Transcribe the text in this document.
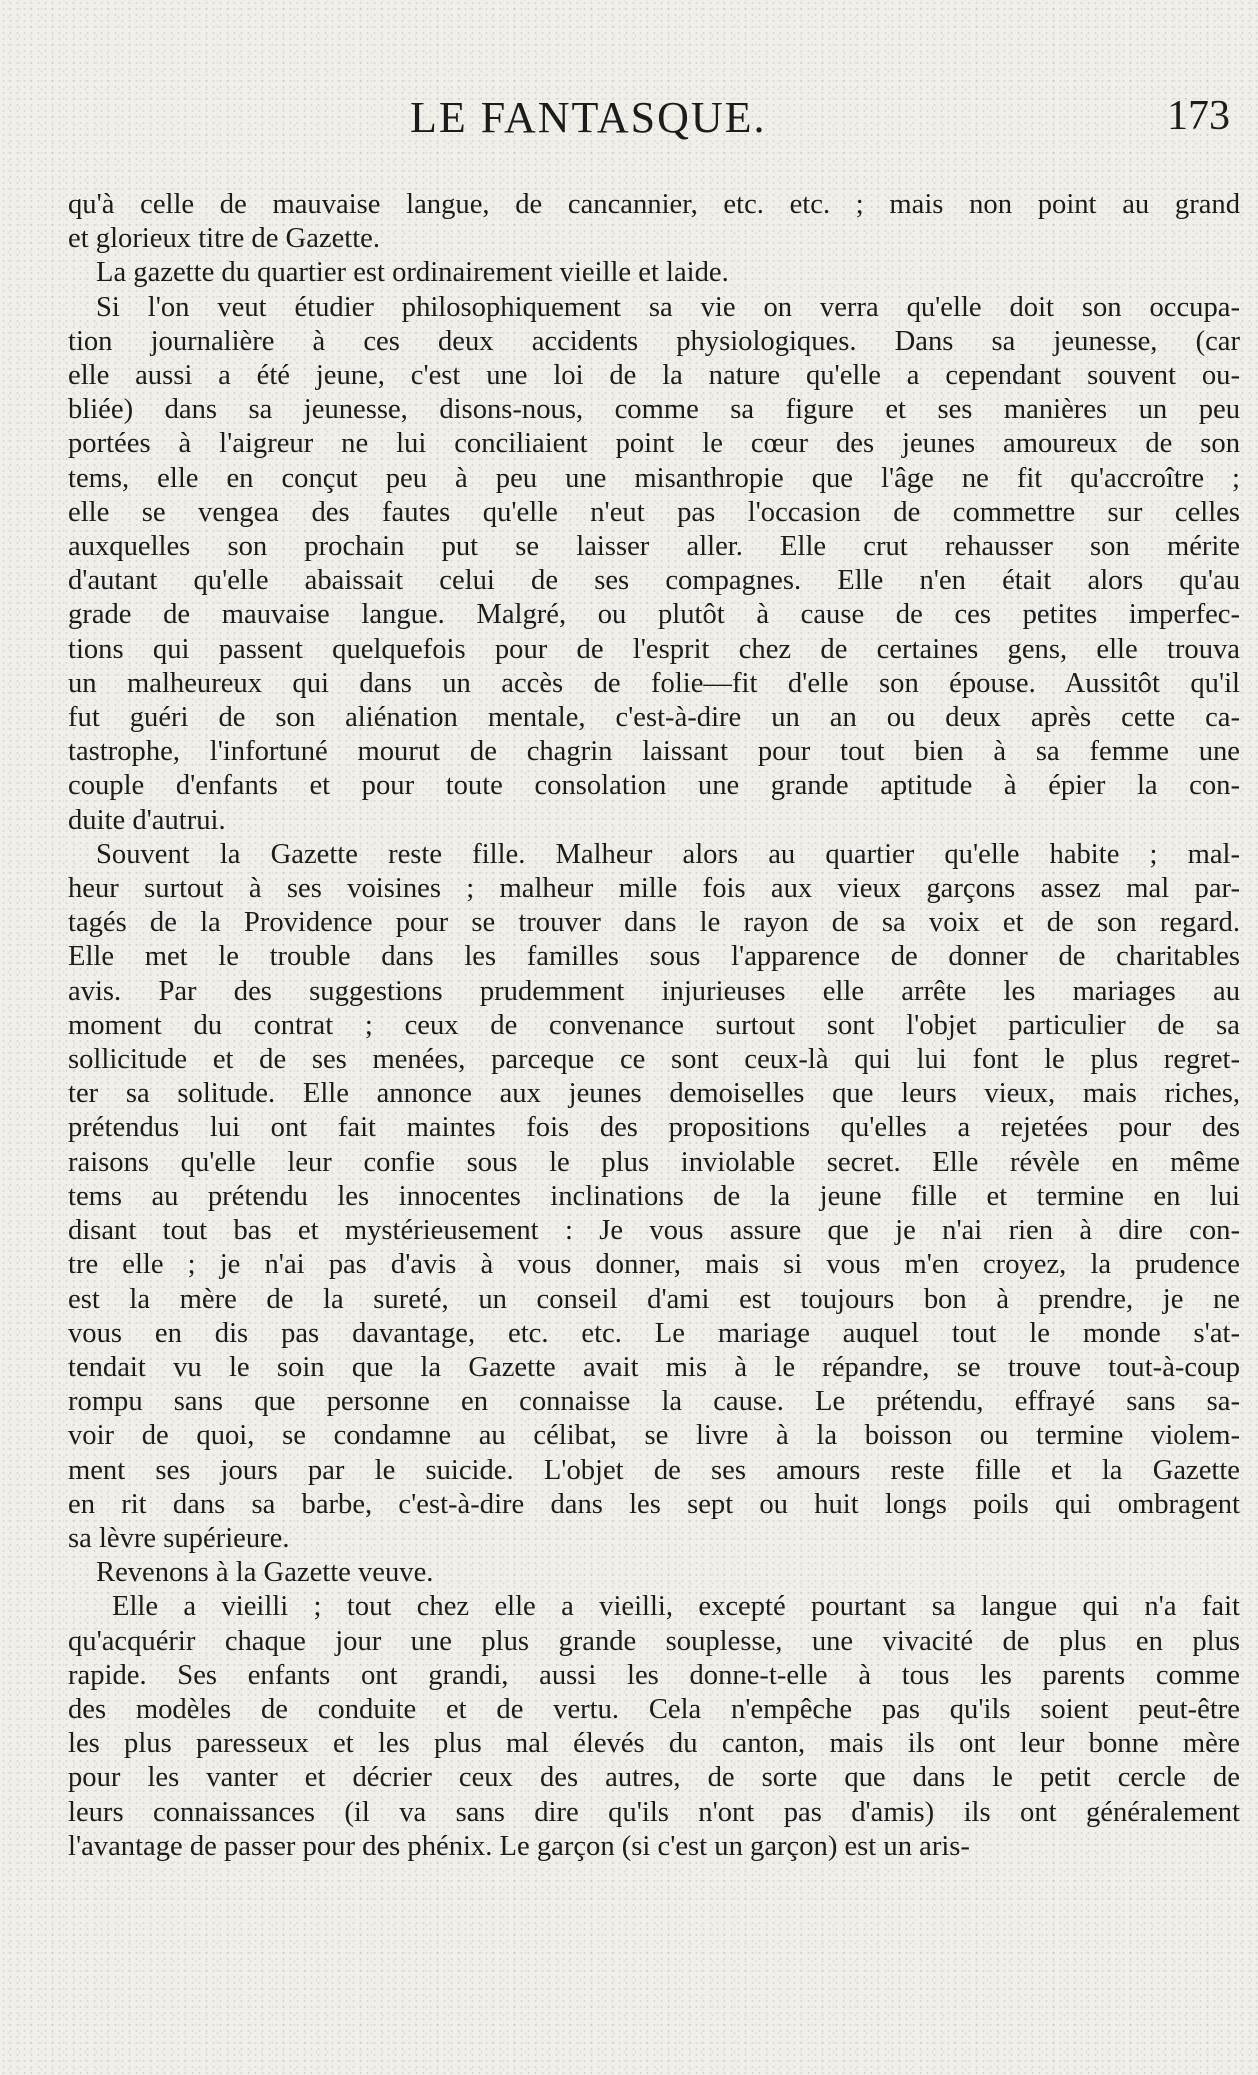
LE FANTASQUE.	173
qu'à celle de mauvaise langue, de cancannier, etc. etc. ; mais non point au grand
et glorieux titre de Gazette.
La gazette du quartier est ordinairement vieille et laide.
Si l'on veut étudier philosophiquement sa vie on verra qu'elle doit son occupa-
tion journalière à ces deux accidents physiologiques. Dans sa jeunesse, (car
elle aussi a été jeune, c'est une loi de la nature qu'elle a cependant souvent ou-
bliée) dans sa jeunesse, disons-nous, comme sa figure et ses manières un peu
portées à l'aigreur ne lui conciliaient point le cœur des jeunes amoureux de son
tems, elle en conçut peu à peu une misanthropie que l'âge ne fit qu'accroître ;
elle se vengea des fautes qu'elle n'eut pas l'occasion de commettre sur celles
auxquelles son prochain put se laisser aller. Elle crut rehausser son mérite
d'autant qu'elle abaissait celui de ses compagnes. Elle n'en était alors qu'au
grade de mauvaise langue. Malgré, ou plutôt à cause de ces petites imperfec-
tions qui passent quelquefois pour de l'esprit chez de certaines gens, elle trouva
un malheureux qui dans un accès de folie—fit d'elle son épouse. Aussitôt qu'il
fut guéri de son aliénation mentale, c'est-à-dire un an ou deux après cette ca-
tastrophe, l'infortuné mourut de chagrin laissant pour tout bien à sa femme une
couple d'enfants et pour toute consolation une grande aptitude à épier la con-
duite d'autrui.
Souvent la Gazette reste fille. Malheur alors au quartier qu'elle habite ; mal-
heur surtout à ses voisines ; malheur mille fois aux vieux garçons assez mal par-
tagés de la Providence pour se trouver dans le rayon de sa voix et de son regard.
Elle met le trouble dans les familles sous l'apparence de donner de charitables
avis. Par des suggestions prudemment injurieuses elle arrête les mariages au
moment du contrat ; ceux de convenance surtout sont l'objet particulier de sa
sollicitude et de ses menées, parceque ce sont ceux-là qui lui font le plus regret-
ter sa solitude. Elle annonce aux jeunes demoiselles que leurs vieux, mais riches,
prétendus lui ont fait maintes fois des propositions qu'elles a rejetées pour des
raisons qu'elle leur confie sous le plus inviolable secret. Elle révèle en même
tems au prétendu les innocentes inclinations de la jeune fille et termine en lui
disant tout bas et mystérieusement : Je vous assure que je n'ai rien à dire con-
tre elle ; je n'ai pas d'avis à vous donner, mais si vous m'en croyez, la prudence
est la mère de la sureté, un conseil d'ami est toujours bon à prendre, je ne
vous en dis pas davantage, etc. etc. Le mariage auquel tout le monde s'at-
tendait vu le soin que la Gazette avait mis à le répandre, se trouve tout-à-coup
rompu sans que personne en connaisse la cause. Le prétendu, effrayé sans sa-
voir de quoi, se condamne au célibat, se livre à la boisson ou termine violem-
ment ses jours par le suicide. L'objet de ses amours reste fille et la Gazette
en rit dans sa barbe, c'est-à-dire dans les sept ou huit longs poils qui ombragent
sa lèvre supérieure.
Revenons à la Gazette veuve.
Elle a vieilli ; tout chez elle a vieilli, excepté pourtant sa langue qui n'a fait
qu'acquérir chaque jour une plus grande souplesse, une vivacité de plus en plus
rapide. Ses enfants ont grandi, aussi les donne-t-elle à tous les parents comme
des modèles de conduite et de vertu. Cela n'empêche pas qu'ils soient peut-être
les plus paresseux et les plus mal élevés du canton, mais ils ont leur bonne mère
pour les vanter et décrier ceux des autres, de sorte que dans le petit cercle de
leurs connaissances (il va sans dire qu'ils n'ont pas d'amis) ils ont généralement
l'avantage de passer pour des phénix. Le garçon (si c'est un garçon) est un aris-
